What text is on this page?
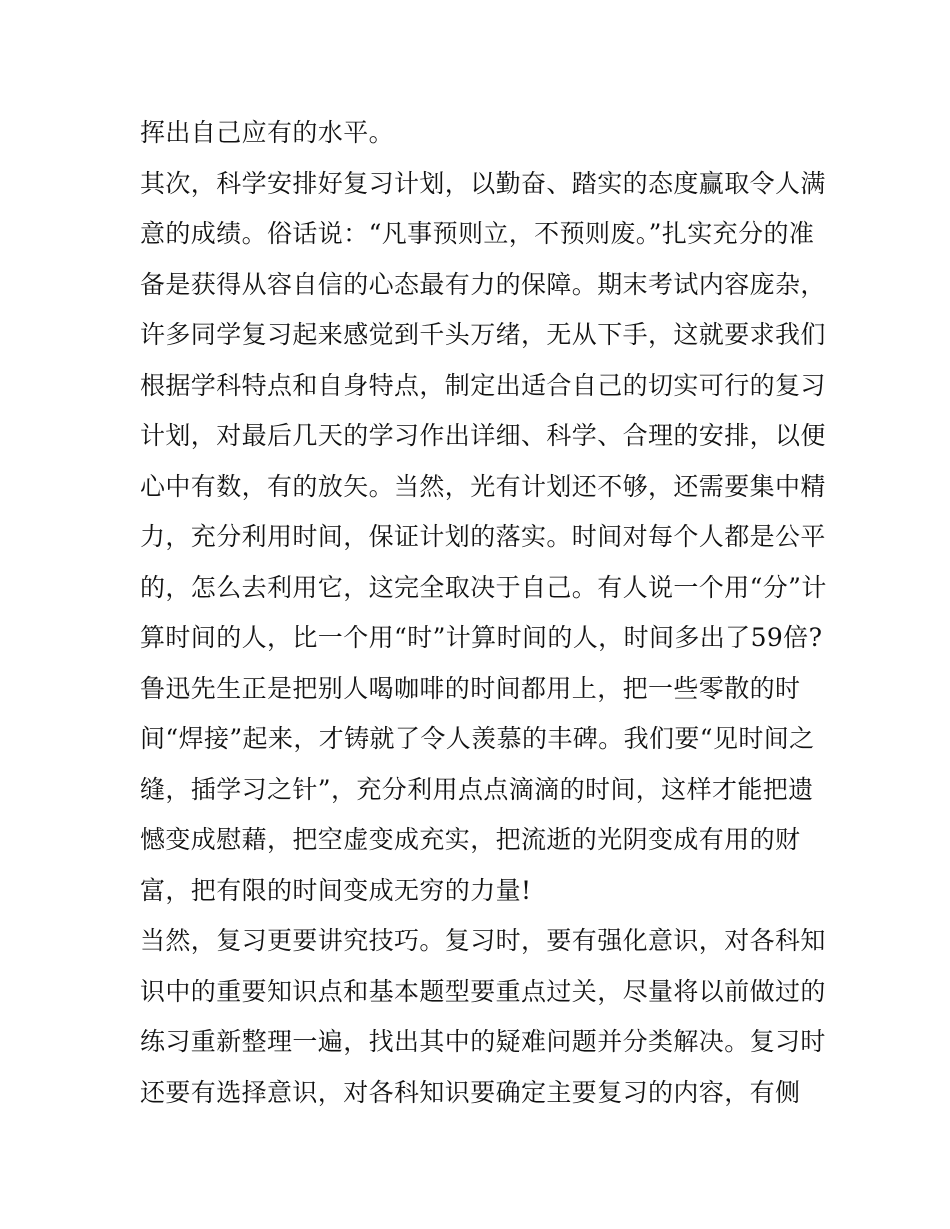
挥出自己应有的水平。
其次，科学安排好复习计划，以勤奋、踏实的态度赢取令人满
意的成绩。俗话说：“凡事预则立，不预则废。”扎实充分的准
备是获得从容自信的心态最有力的保障。期末考试内容庞杂，
许多同学复习起来感觉到千头万绪，无从下手，这就要求我们
根据学科特点和自身特点，制定出适合自己的切实可行的复习
计划，对最后几天的学习作出详细、科学、合理的安排，以便
心中有数，有的放矢。当然，光有计划还不够，还需要集中精
力，充分利用时间，保证计划的落实。时间对每个人都是公平
的，怎么去利用它，这完全取决于自己。有人说一个用“分”计
算时间的人，比一个用“时”计算时间的人，时间多出了59倍?
鲁迅先生正是把别人喝咖啡的时间都用上，把一些零散的时
间“焊接”起来，才铸就了令人羡慕的丰碑。我们要“见时间之
缝，插学习之针”，充分利用点点滴滴的时间，这样才能把遗
憾变成慰藉，把空虚变成充实，把流逝的光阴变成有用的财
富，把有限的时间变成无穷的力量!
当然，复习更要讲究技巧。复习时，要有强化意识，对各科知
识中的重要知识点和基本题型要重点过关，尽量将以前做过的
练习重新整理一遍，找出其中的疑难问题并分类解决。复习时
还要有选择意识，对各科知识要确定主要复习的内容，有侧
